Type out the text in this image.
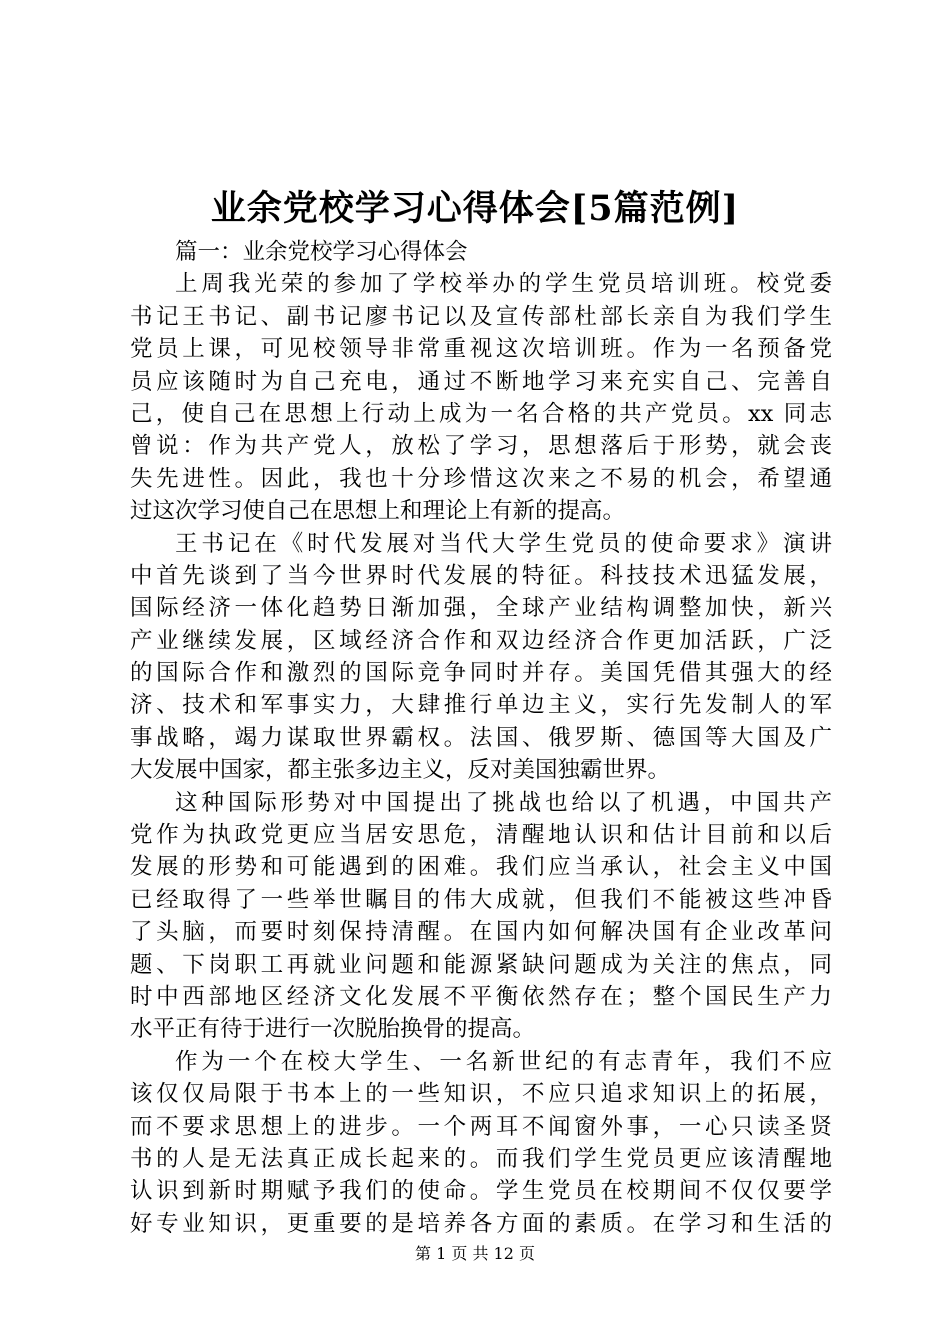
业余党校学习心得体会[5篇范例]
篇一：业余党校学习心得体会
上周我光荣的参加了学校举办的学生党员培训班。校党委
书记王书记、副书记廖书记以及宣传部杜部长亲自为我们学生
党员上课，可见校领导非常重视这次培训班。作为一名预备党
员应该随时为自己充电，通过不断地学习来充实自己、完善自
己，使自己在思想上行动上成为一名合格的共产党员。xx 同志
曾说：作为共产党人，放松了学习，思想落后于形势，就会丧
失先进性。因此，我也十分珍惜这次来之不易的机会，希望通
过这次学习使自己在思想上和理论上有新的提高。
王书记在《时代发展对当代大学生党员的使命要求》演讲
中首先谈到了当今世界时代发展的特征。科技技术迅猛发展，
国际经济一体化趋势日渐加强，全球产业结构调整加快，新兴
产业继续发展，区域经济合作和双边经济合作更加活跃，广泛
的国际合作和激烈的国际竞争同时并存。美国凭借其强大的经
济、技术和军事实力，大肆推行单边主义，实行先发制人的军
事战略，竭力谋取世界霸权。法国、俄罗斯、德国等大国及广
大发展中国家，都主张多边主义，反对美国独霸世界。
这种国际形势对中国提出了挑战也给以了机遇，中国共产
党作为执政党更应当居安思危，清醒地认识和估计目前和以后
发展的形势和可能遇到的困难。我们应当承认，社会主义中国
已经取得了一些举世瞩目的伟大成就，但我们不能被这些冲昏
了头脑，而要时刻保持清醒。在国内如何解决国有企业改革问
题、下岗职工再就业问题和能源紧缺问题成为关注的焦点，同
时中西部地区经济文化发展不平衡依然存在；整个国民生产力
水平正有待于进行一次脱胎换骨的提高。
作为一个在校大学生、一名新世纪的有志青年，我们不应
该仅仅局限于书本上的一些知识，不应只追求知识上的拓展，
而不要求思想上的进步。一个两耳不闻窗外事，一心只读圣贤
书的人是无法真正成长起来的。而我们学生党员更应该清醒地
认识到新时期赋予我们的使命。学生党员在校期间不仅仅要学
好专业知识，更重要的是培养各方面的素质。在学习和生活的
第 1 页 共 12 页
